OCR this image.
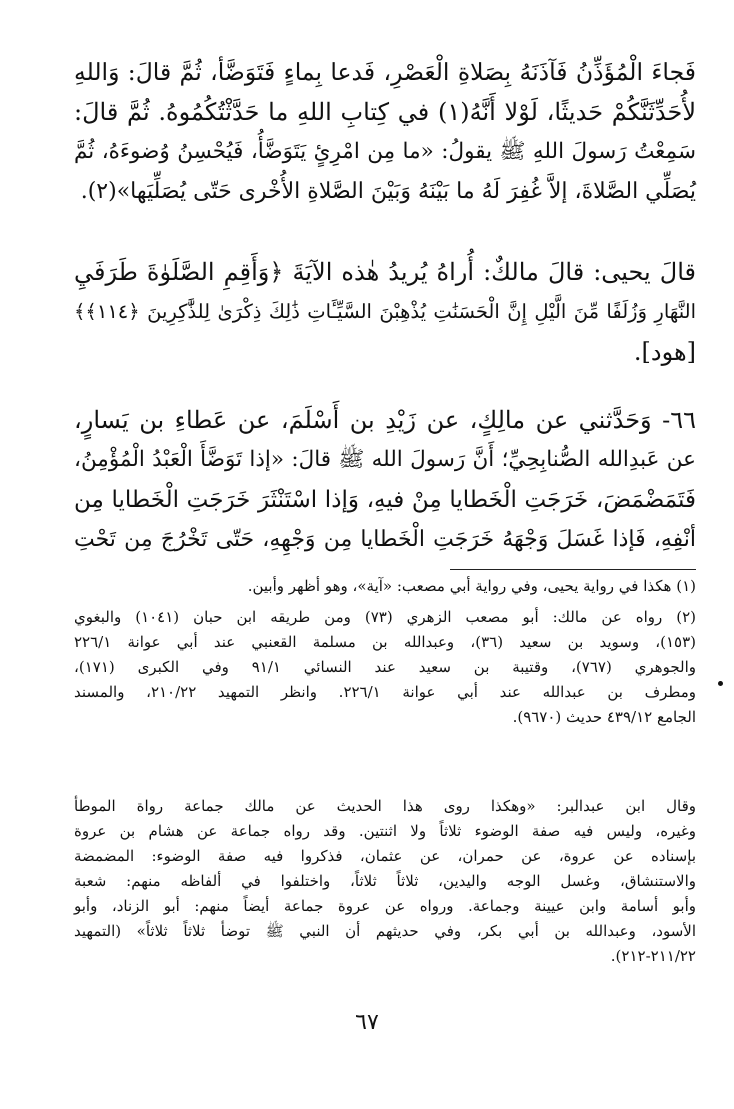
فَجاءَ الْمُؤَذِّنُ فَآذَنَهُ بِصَلاةِ الْعَصْرِ، فَدعا بِماءٍ فَتَوَضَّأ، ثُمَّ قالَ: وَاللهِ
لأُحَدِّثَنَّكُمْ حَديثًا، لَوْلا أَنَّهُ(١) في كِتابِ اللهِ ما حَدَّثْتُكُمُوهُ. ثُمَّ قالَ:
سَمِعْتُ رَسولَ اللهِ ﷺ يقولُ: «ما مِن امْرِئٍ يَتَوَضَّأُ، فَيُحْسِنُ وُضوءَهُ، ثُمَّ
يُصَلِّي الصَّلاةَ، إلاَّ غُفِرَ لَهُ ما بَيْنَهُ وَبَيْنَ الصَّلاةِ الأُخْرى حَتّى يُصَلِّيَها»(٢).
قالَ يحيى: قالَ مالكٌ: أُراهُ يُريدُ هٰذه الآيَةَ ﴿وَأَقِمِ الصَّلَوٰةَ طَرَفَيِ
النَّهَارِ وَزُلَفًا مِّنَ الَّيْلِ إِنَّ الْحَسَنَٰتِ يُذْهِبْنَ السَّيِّـَٔاتِ ذَٰلِكَ ذِكْرَىٰ لِلذَّٰكِرِينَ ﴿١١٤﴾﴾
[هود].
٦٦- وَحَدَّثني عن مالِكٍ، عن زَيْدِ بن أَسْلَمَ، عن عَطاءِ بن يَسارٍ،
عن عَبدِالله الصُّنابِحِيِّ؛ أَنَّ رَسولَ الله ﷺ قالَ: «إذا تَوَضَّأَ الْعَبْدُ الْمُؤْمِنُ،
فَتَمَضْمَضَ، خَرَجَتِ الْخَطايا مِنْ فيهِ، وَإذا اسْتَنْثَرَ خَرَجَتِ الْخَطايا مِن
أنْفِهِ، فَإذا غَسَلَ وَجْهَهُ خَرَجَتِ الْخَطايا مِن وَجْهِهِ، حَتّى تَخْرُجَ مِن تَحْتِ
(١) هكذا في رواية يحيى، وفي رواية أبي مصعب: «آية»، وهو أظهر وأبين.
(٢) رواه عن مالك: أبو مصعب الزهري (٧٣) ومن طريقه ابن حبان (١٠٤١) والبغوي
(١٥٣)، وسويد بن سعيد (٣٦)، وعبدالله بن مسلمة القعنبي عند أبي عوانة ٢٢٦/١
والجوهري (٧٦٧)، وقتيبة بن سعيد عند النسائي ٩١/١ وفي الكبرى (١٧١)،
ومطرف بن عبدالله عند أبي عوانة ٢٢٦/١. وانظر التمهيد ٢١٠/٢٢، والمسند
الجامع ٤٣٩/١٢ حديث (٩٦٧٠).
وقال ابن عبدالبر: «وهكذا روى هذا الحديث عن مالك جماعة رواة الموطأ
وغيره، وليس فيه صفة الوضوء ثلاثاً ولا اثنتين. وقد رواه جماعة عن هشام بن عروة
بإسناده عن عروة، عن حمران، عن عثمان، فذكروا فيه صفة الوضوء: المضمضة
والاستنشاق، وغسل الوجه واليدين، ثلاثاً ثلاثاً، واختلفوا في ألفاظه منهم: شعبة
وأبو أسامة وابن عيينة وجماعة. ورواه عن عروة جماعة أيضاً منهم: أبو الزناد، وأبو
الأسود، وعبدالله بن أبي بكر، وفي حديثهم أن النبي ﷺ توضأ ثلاثاً ثلاثاً» (التمهيد
٢١١/٢٢-٢١٢).
٦٧
